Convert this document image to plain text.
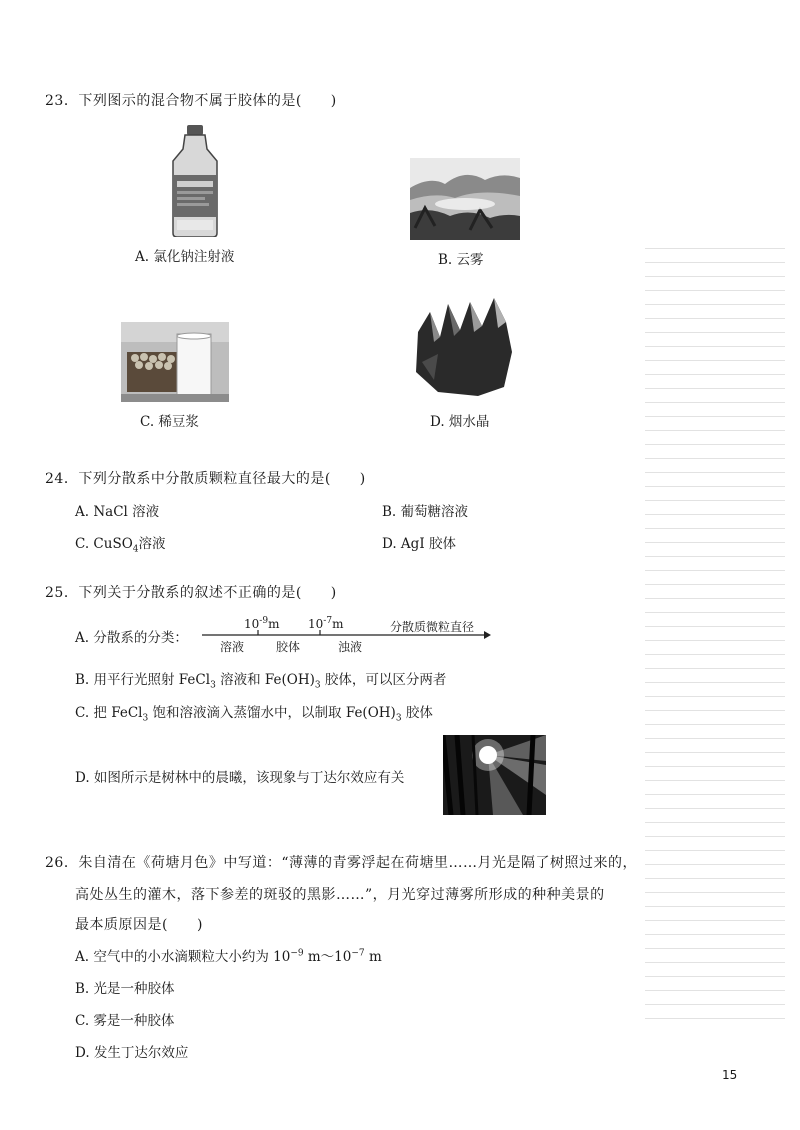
23．下列图示的混合物不属于胶体的是(　　)
A. 氯化钠注射液	B. 云雾
C. 稀豆浆	D. 烟水晶
24．下列分散系中分散质颗粒直径最大的是(　　)
A. NaCl 溶液	B. 葡萄糖溶液
C. CuSO$_4$溶液	D. AgI 胶体
25．下列关于分散系的叙述不正确的是(　　)
A. 分散系的分类：
$10^{-9}m$ $10^{-7}m$	分散质微粒直径
溶液	胶体	浊液
B. 用平行光照射 FeCl$_3$ 溶液和 $Fe(OH)_3$ 胶体，可以区分两者
C. 把 FeCl$_3$ 饱和溶液滴入蒸馏水中，以制取 $Fe(OH)_3$ 胶体
D. 如图所示是树林中的晨曦，该现象与丁达尔效应有关
26．朱自清在《荷塘月色》中写道：“薄薄的青雾浮起在荷塘里……月光是隔了树照过来的，
高处丛生的灌木，落下参差的斑驳的黑影……”，月光穿过薄雾所形成的种种美景的
最本质原因是(　　)
A. 空气中的小水滴颗粒大小约为 $10^{-9}$ $m\sim 10^{-7}$ m
B. 光是一种胶体
C. 雾是一种胶体
D. 发生丁达尔效应
15
